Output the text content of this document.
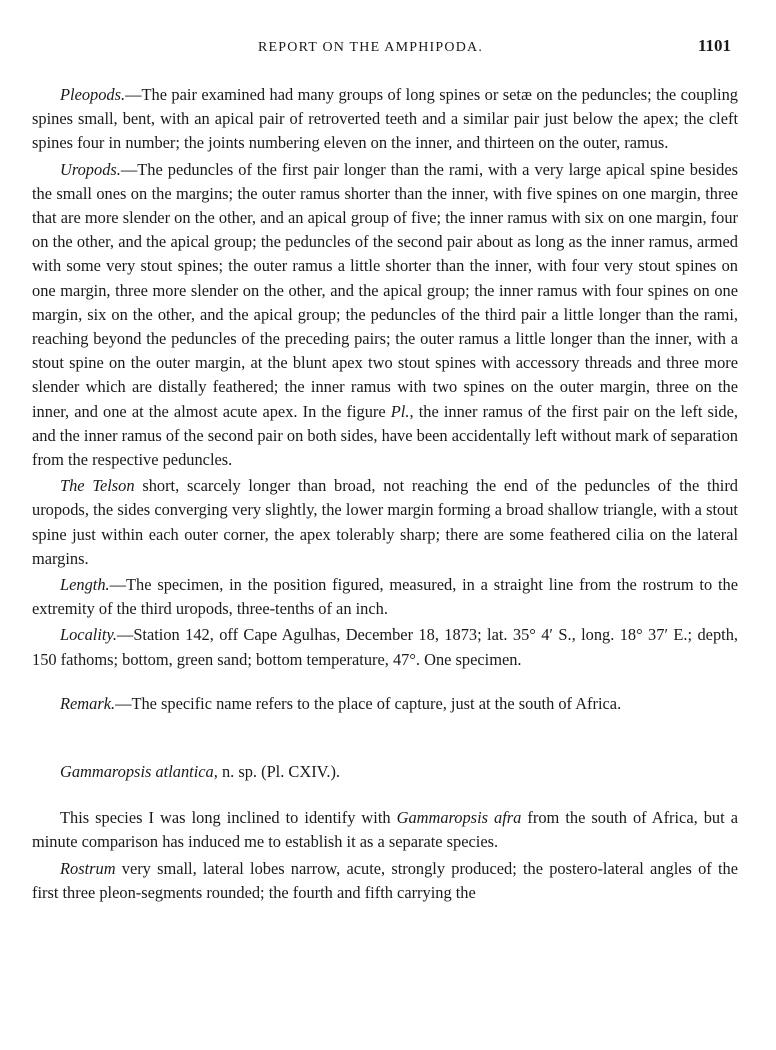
REPORT ON THE AMPHIPODA.	1101

Pleopods.—The pair examined had many groups of long spines or setæ on the peduncles; the coupling spines small, bent, with an apical pair of retroverted teeth and a similar pair just below the apex; the cleft spines four in number; the joints numbering eleven on the inner, and thirteen on the outer, ramus.

Uropods.—The peduncles of the first pair longer than the rami, with a very large apical spine besides the small ones on the margins; the outer ramus shorter than the inner, with five spines on one margin, three that are more slender on the other, and an apical group of five; the inner ramus with six on one margin, four on the other, and the apical group; the peduncles of the second pair about as long as the inner ramus, armed with some very stout spines; the outer ramus a little shorter than the inner, with four very stout spines on one margin, three more slender on the other, and the apical group; the inner ramus with four spines on one margin, six on the other, and the apical group; the peduncles of the third pair a little longer than the rami, reaching beyond the peduncles of the preceding pairs; the outer ramus a little longer than the inner, with a stout spine on the outer margin, at the blunt apex two stout spines with accessory threads and three more slender which are distally feathered; the inner ramus with two spines on the outer margin, three on the inner, and one at the almost acute apex. In the figure Pl., the inner ramus of the first pair on the left side, and the inner ramus of the second pair on both sides, have been accidentally left without mark of separation from the respective peduncles.

The Telson short, scarcely longer than broad, not reaching the end of the peduncles of the third uropods, the sides converging very slightly, the lower margin forming a broad shallow triangle, with a stout spine just within each outer corner, the apex tolerably sharp; there are some feathered cilia on the lateral margins.

Length.—The specimen, in the position figured, measured, in a straight line from the rostrum to the extremity of the third uropods, three-tenths of an inch.

Locality.—Station 142, off Cape Agulhas, December 18, 1873; lat. 35° 4′ S., long. 18° 37′ E.; depth, 150 fathoms; bottom, green sand; bottom temperature, 47°. One specimen.

Remark.—The specific name refers to the place of capture, just at the south of Africa.

Gammaropsis atlantica, n. sp. (Pl. CXIV.).

This species I was long inclined to identify with Gammaropsis afra from the south of Africa, but a minute comparison has induced me to establish it as a separate species.

Rostrum very small, lateral lobes narrow, acute, strongly produced; the postero-lateral angles of the first three pleon-segments rounded; the fourth and fifth carrying the
